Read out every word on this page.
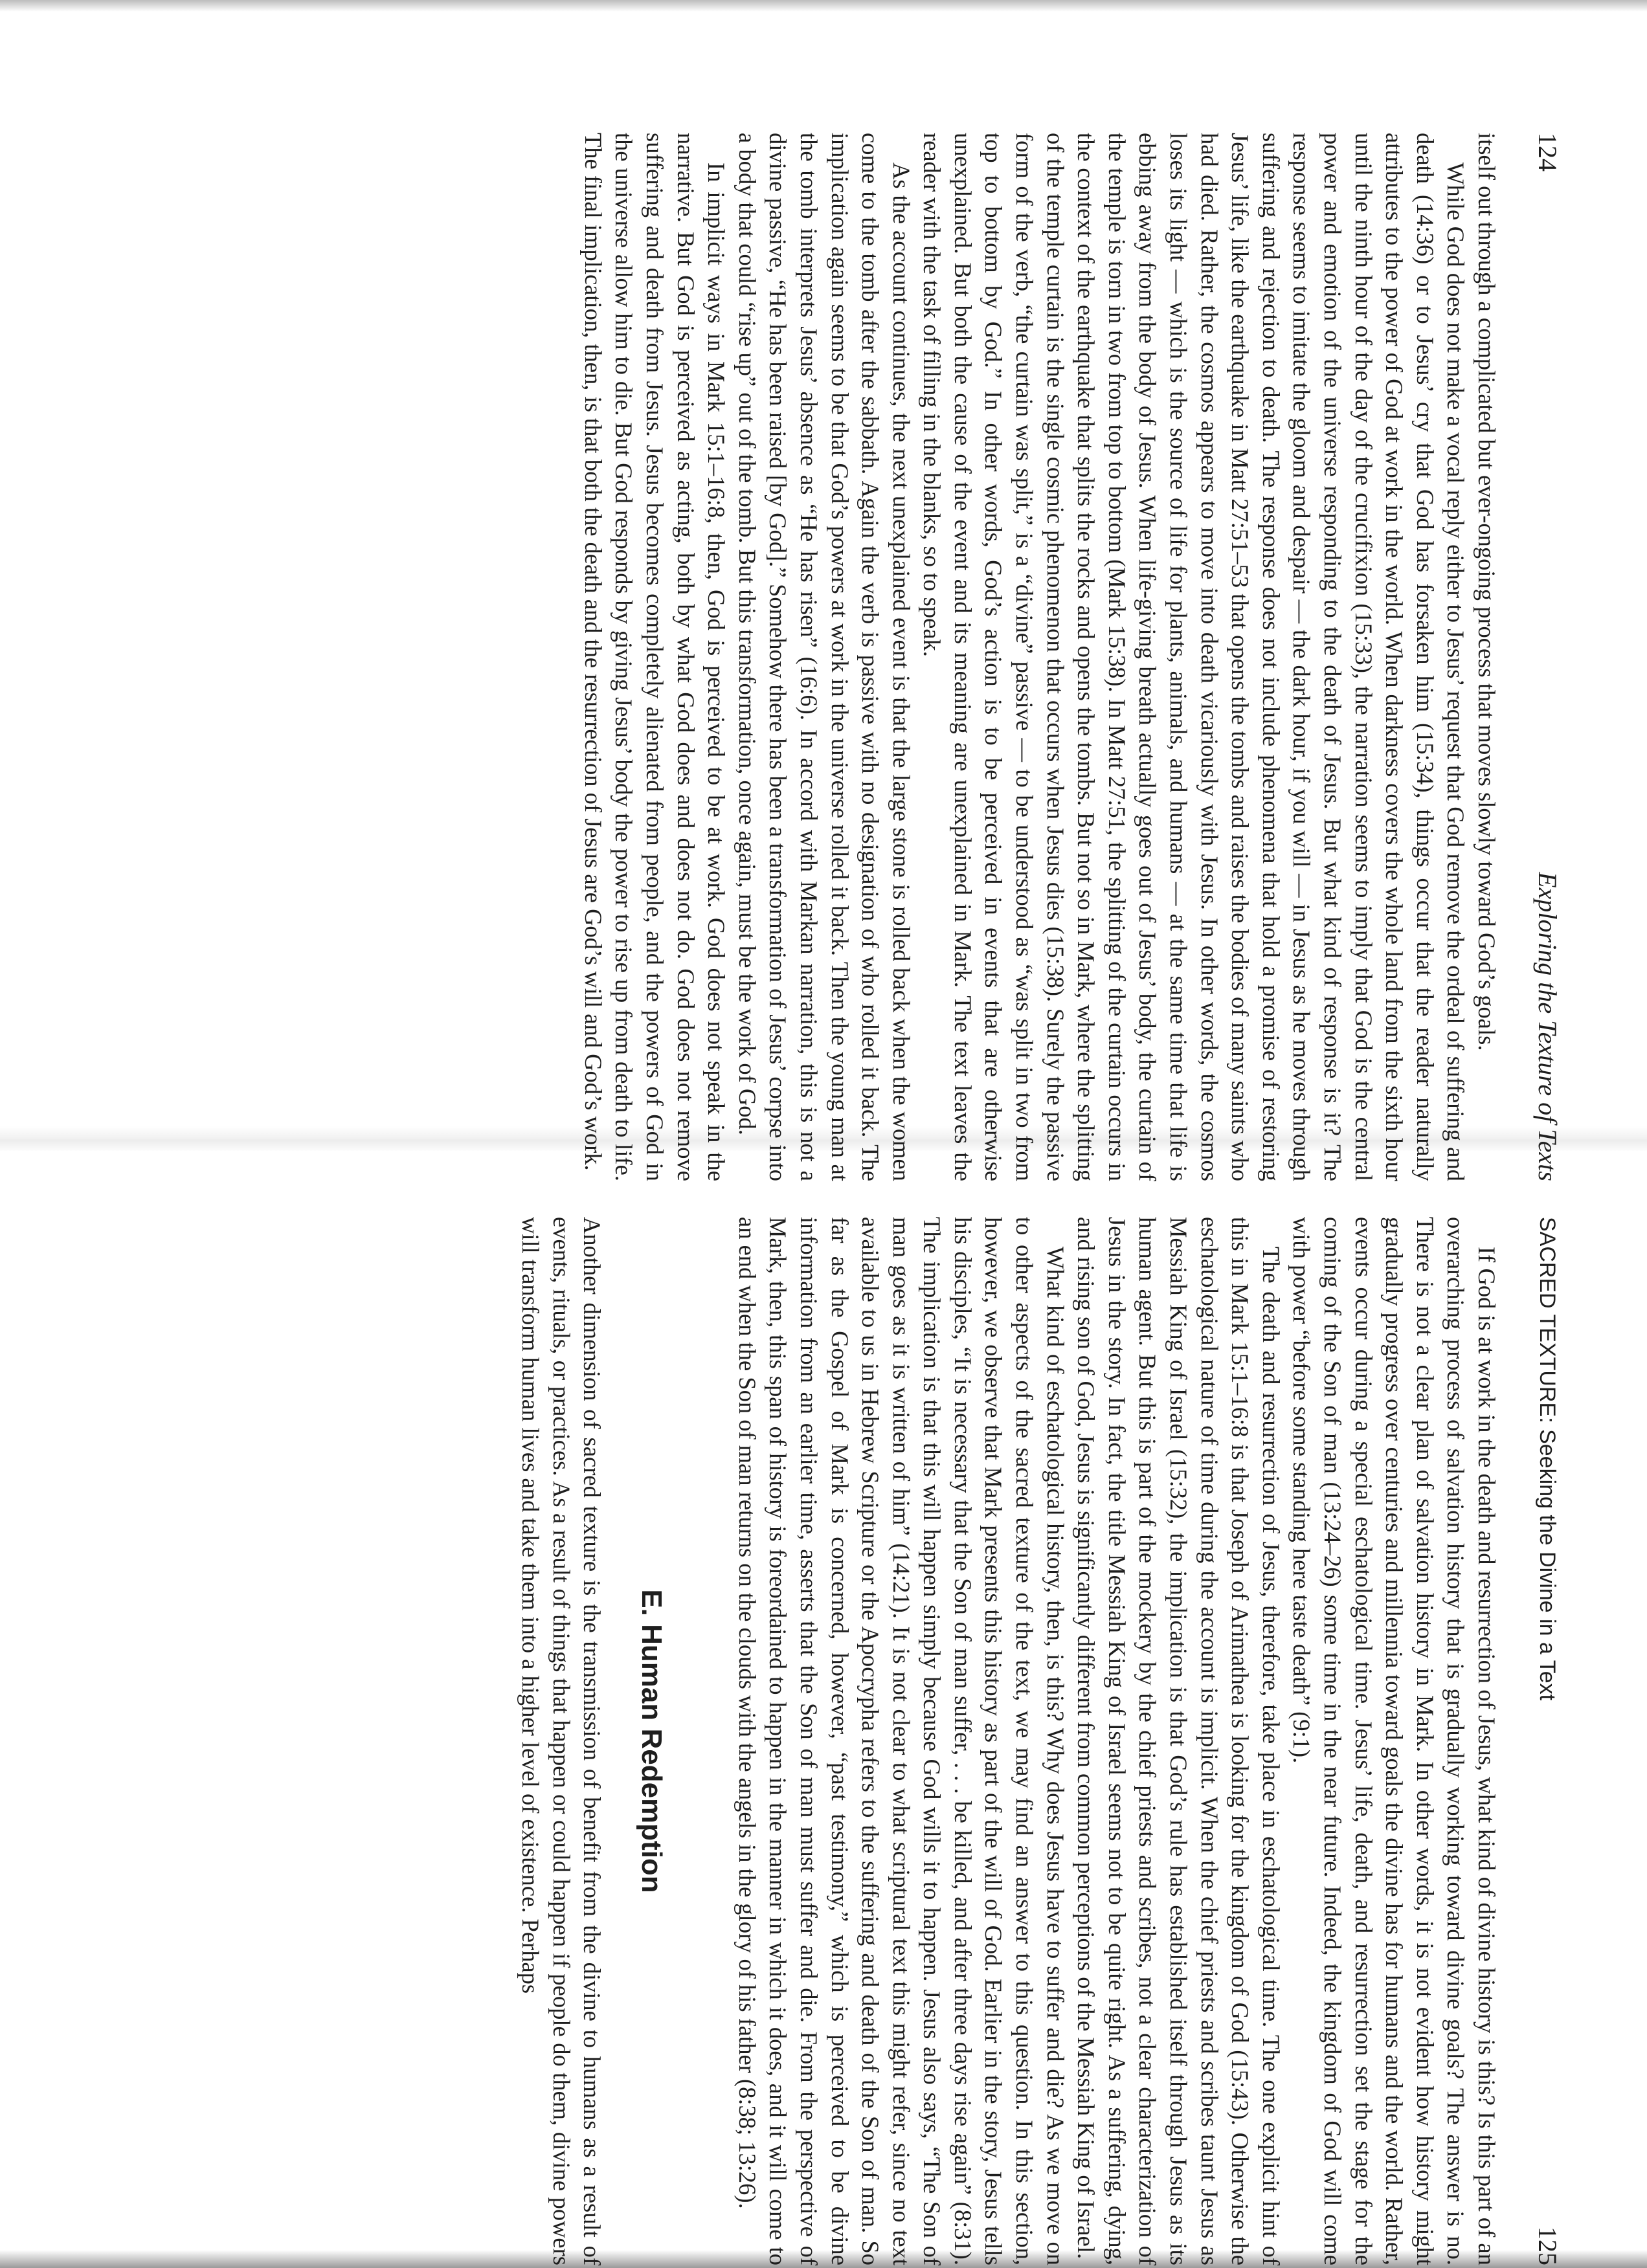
124
Exploring the Texture of Texts

itself out through a complicated but ever-ongoing process that moves slowly toward God’s goals.

While God does not make a vocal reply either to Jesus’ request that God remove the ordeal of suffering and death (14:36) or to Jesus’ cry that God has forsaken him (15:34), things occur that the reader naturally attributes to the power of God at work in the world. When darkness covers the whole land from the sixth hour until the ninth hour of the day of the crucifixion (15:33), the narration seems to imply that God is the central power and emotion of the universe responding to the death of Jesus. But what kind of response is it? The response seems to imitate the gloom and despair — the dark hour, if you will — in Jesus as he moves through suffering and rejection to death. The response does not include phenomena that hold a promise of restoring Jesus’ life, like the earthquake in Matt 27:51–53 that opens the tombs and raises the bodies of many saints who had died. Rather, the cosmos appears to move into death vicariously with Jesus. In other words, the cosmos loses its light — which is the source of life for plants, animals, and humans — at the same time that life is ebbing away from the body of Jesus. When life-giving breath actually goes out of Jesus’ body, the curtain of the temple is torn in two from top to bottom (Mark 15:38). In Matt 27:51, the splitting of the curtain occurs in the context of the earthquake that splits the rocks and opens the tombs. But not so in Mark, where the splitting of the temple curtain is the single cosmic phenomenon that occurs when Jesus dies (15:38). Surely the passive form of the verb, “the curtain was split,” is a “divine” passive — to be understood as “was split in two from top to bottom by God.” In other words, God’s action is to be perceived in events that are otherwise unexplained. But both the cause of the event and its meaning are unexplained in Mark. The text leaves the reader with the task of filling in the blanks, so to speak.

As the account continues, the next unexplained event is that the large stone is rolled back when the women come to the tomb after the sabbath. Again the verb is passive with no designation of who rolled it back. The implication again seems to be that God’s powers at work in the universe rolled it back. Then the young man at the tomb interprets Jesus’ absence as “He has risen” (16:6). In accord with Markan narration, this is not a divine passive, “He has been raised [by God].” Somehow there has been a transformation of Jesus’ corpse into a body that could “rise up” out of the tomb. But this transformation, once again, must be the work of God.

In implicit ways in Mark 15:1–16:8, then, God is perceived to be at work. God does not speak in the narrative. But God is perceived as acting, both by what God does and does not do. God does not remove suffering and death from Jesus. Jesus becomes completely alienated from people, and the powers of God in the universe allow him to die. But God responds by giving Jesus’ body the power to rise up from death to life. The final implication, then, is that both the death and the resurrection of Jesus are God’s will and God’s work.

SACRED TEXTURE: Seeking the Divine in a Text
125

If God is at work in the death and resurrection of Jesus, what kind of divine history is this? Is this part of an overarching process of salvation history that is gradually working toward divine goals? The answer is no. There is not a clear plan of salvation history in Mark. In other words, it is not evident how history might gradually progress over centuries and millennia toward goals the divine has for humans and the world. Rather, events occur during a special eschatological time. Jesus’ life, death, and resurrection set the stage for the coming of the Son of man (13:24–26) some time in the near future. Indeed, the kingdom of God will come with power “before some standing here taste death” (9:1).

The death and resurrection of Jesus, therefore, take place in eschatological time. The one explicit hint of this in Mark 15:1–16:8 is that Joseph of Arimathea is looking for the kingdom of God (15:43). Otherwise the eschatological nature of time during the account is implicit. When the chief priests and scribes taunt Jesus as Messiah King of Israel (15:32), the implication is that God’s rule has established itself through Jesus as its human agent. But this is part of the mockery by the chief priests and scribes, not a clear characterization of Jesus in the story. In fact, the title Messiah King of Israel seems not to be quite right. As a suffering, dying, and rising son of God, Jesus is significantly different from common perceptions of the Messiah King of Israel.

What kind of eschatological history, then, is this? Why does Jesus have to suffer and die? As we move on to other aspects of the sacred texture of the text, we may find an answer to this question. In this section, however, we observe that Mark presents this history as part of the will of God. Earlier in the story, Jesus tells his disciples, “It is necessary that the Son of man suffer, . . . be killed, and after three days rise again” (8:31). The implication is that this will happen simply because God wills it to happen. Jesus also says, “The Son of man goes as it is written of him” (14:21). It is not clear to what scriptural text this might refer, since no text available to us in Hebrew Scripture or the Apocrypha refers to the suffering and death of the Son of man. So far as the Gospel of Mark is concerned, however, “past testimony,” which is perceived to be divine information from an earlier time, asserts that the Son of man must suffer and die. From the perspective of Mark, then, this span of history is foreordained to happen in the manner in which it does, and it will come to an end when the Son of man returns on the clouds with the angels in the glory of his father (8:38; 13:26).

E. Human Redemption

Another dimension of sacred texture is the transmission of benefit from the divine to humans as a result of events, rituals, or practices. As a result of things that happen or could happen if people do them, divine powers will transform human lives and take them into a higher level of existence. Perhaps
